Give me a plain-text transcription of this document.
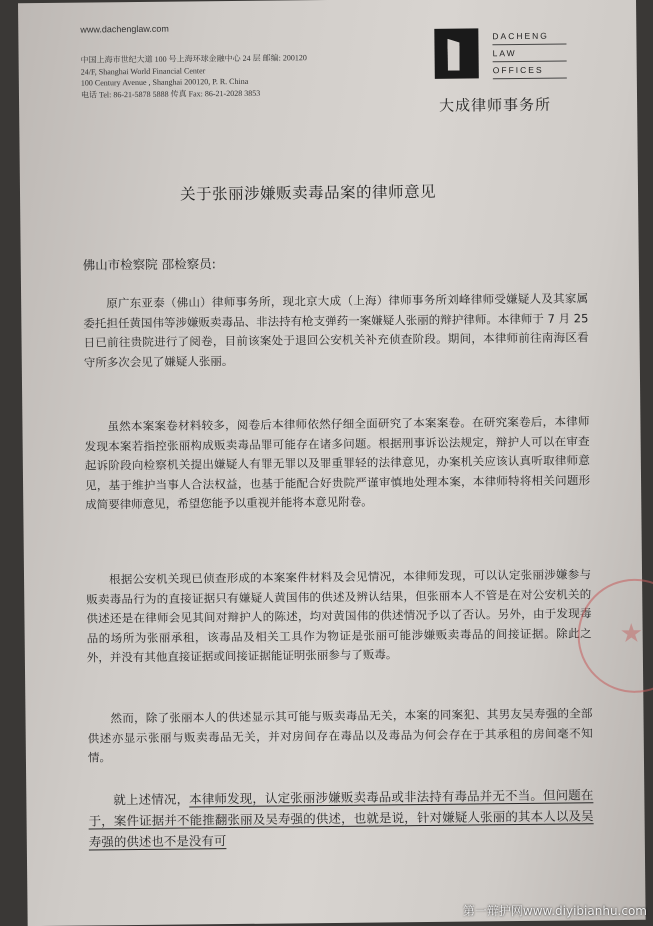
www.dachenglaw.com
中国上海市世纪大道 100 号上海环球金融中心 24 层 邮编: 200120
24/F, Shanghai World Financial Center
100 Century Avenue , Shanghai 200120, P. R. China
电话 Tel: 86-21-5878 5888 传真 Fax: 86-21-2028 3853
DACHENG
LAW
OFFICES
大成律师事务所
关于张丽涉嫌贩卖毒品案的律师意见
佛山市检察院 邵检察员:
原广东亚泰（佛山）律师事务所，现北京大成（上海）律师事务所刘峰律师受嫌疑人及其家属委托担任黄国伟等涉嫌贩卖毒品、非法持有枪支弹药一案嫌疑人张丽的辩护律师。本律师于 7 月 25 日已前往贵院进行了阅卷，目前该案处于退回公安机关补充侦查阶段。期间，本律师前往南海区看守所多次会见了嫌疑人张丽。
虽然本案案卷材料较多，阅卷后本律师依然仔细全面研究了本案案卷。在研究案卷后，本律师发现本案若指控张丽构成贩卖毒品罪可能存在诸多问题。根据刑事诉讼法规定，辩护人可以在审查起诉阶段向检察机关提出嫌疑人有罪无罪以及罪重罪轻的法律意见，办案机关应该认真听取律师意见，基于维护当事人合法权益，也基于能配合好贵院严谨审慎地处理本案，本律师特将相关问题形成简要律师意见，希望您能予以重视并能将本意见附卷。
根据公安机关现已侦查形成的本案案件材料及会见情况，本律师发现，可以认定张丽涉嫌参与贩卖毒品行为的直接证据只有嫌疑人黄国伟的供述及辨认结果，但张丽本人不管是在对公安机关的供述还是在律师会见其间对辩护人的陈述，均对黄国伟的供述情况予以了否认。另外，由于发现毒品的场所为张丽承租，该毒品及相关工具作为物证是张丽可能涉嫌贩卖毒品的间接证据。除此之外，并没有其他直接证据或间接证据能证明张丽参与了贩毒。
然而，除了张丽本人的供述显示其可能与贩卖毒品无关，本案的同案犯、其男友吴寿强的全部供述亦显示张丽与贩卖毒品无关，并对房间存在毒品以及毒品为何会存在于其承租的房间毫不知情。
就上述情况，本律师发现，认定张丽涉嫌贩卖毒品或非法持有毒品并无不当。但问题在于，案件证据并不能推翻张丽及吴寿强的供述，也就是说，针对嫌疑人张丽的其本人以及吴寿强的供述也不是没有可
★
第一辩护网www.diyibianhu.com
